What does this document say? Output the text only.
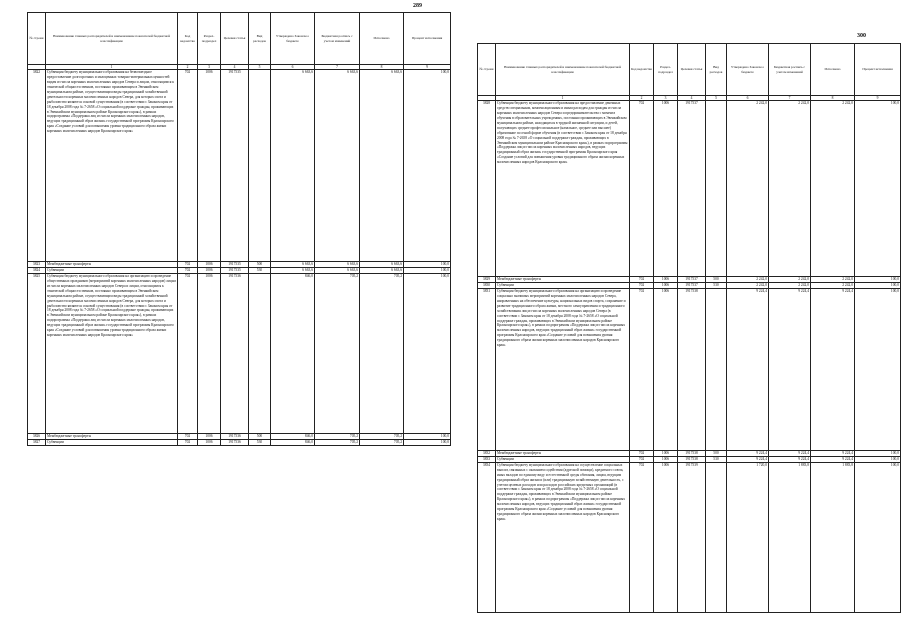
289
№ строки	Наименование главных распорядителей и наименование показателей бюджетной классификации	Код ведомства	Раздел-подраздел	Целевая статья	Вид расходов	Утверждено Законом о бюджете	Бюджетная роспись с учетом изменений	Исполнено	Процент исполнения
	1	2	3	4	5	6	7	8	9
3822	Субвенция бюджету муниципального образования на безвозмездное предоставление долгосрочных и малоценных товарно-материальных ценностей видам из числа коренных малочисленных народов Севера и лицам, относящимся к этнической общности эвенков, постоянно проживающим в Эвенкийском муниципальном районе, осуществляющим виды традиционной хозяйственной деятельности коренных малочисленных народов Севера, для которых охота и рыболовство являются основой существования (в соответствии с Законом края от 18 декабря 2008 года № 7-2658 «О социальной поддержке граждан, проживающих в Эвенкийском муниципальном районе Красноярского края»), в рамках подпрограммы «Поддержка лиц из числа коренных малочисленных народов, ведущих традиционный образ жизни» государственной программы Красноярского края «Создание условий для повышения уровня традиционного образа жизни коренных малочисленных народов Красноярского края»	702	1006	1917535		6 663,6	6 663,6	6 663,6	100,0
3823	Межбюджетные трансферты	702	1006	1917535	500	6 663,6	6 663,6	6 663,6	100,0
3824	Субвенции	702	1006	1917535	530	6 663,6	6 663,6	6 663,6	100,0
3825	Субвенция бюджету муниципального образования на организацию и проведение общественных праздников (мероприятий коренных малочисленных народов) лицам из числа коренных малочисленных народов Севера и лицам, относящимся к этнической общности эвенков, постоянно проживающим в Эвенкийском муниципальном районе, осуществляющим виды традиционной хозяйственной деятельности коренных малочисленных народов Севера, для которых охота и рыболовство являются основой существования (в соответствии с Законом края от 18 декабря 2008 года № 7-2658 «О социальной поддержке граждан, проживающих в Эвенкийском муниципальном районе Красноярского края»), в рамках подпрограммы «Поддержка лиц из числа коренных малочисленных народов, ведущих традиционный образ жизни» государственной программы Красноярского края «Создание условий для повышения уровня традиционного образа жизни коренных малочисленных народов Красноярского края»	702	1006	1917536		846,0	705,2	705,2	100,0
3826	Межбюджетные трансферты	702	1006	1917536	500	846,0	705,2	705,2	100,0
3827	Субвенции	702	1006	1917536	530	846,0	705,2	705,2	100,0
300
№ строки	Наименование главных распорядителей и наименование показателей бюджетной классификации	Код ведомства	Раздел-подраздел	Целевая статья	Вид расходов	Утверждено Законом о бюджете	Бюджетная роспись с учетом изменений	Исполнено	Процент исполнения
	1	2	3	4	5	6	7	8	9
3828	Субвенция бюджету муниципального образования на предоставление денежных средств специальным, компенсационным и иным расходам для граждан из числа коренных малочисленных народов Севера и предпринимательства с момента обучения в образовательных учреждениях, постоянно проживающих в Эвенкийском муниципальном районе, находящихся в трудной жизненной ситуации, и детей, получающих среднее профессиональное (начальное, среднее или высшее) образование по очной форме обучения (в соответствии с Законом края от 18 декабря 2008 года № 7-2658 «О социальной поддержке граждан, проживающих в Эвенкийском муниципальном районе Красноярского края»), в рамках подпрограммы «Поддержка лиц из числа коренных малочисленных народов, ведущих традиционный образ жизни» государственной программы Красноярского края «Создание условий для повышения уровня традиционного образа жизни коренных малочисленных народов Красноярского края»	702	1006	1917537		2 242,0	2 242,0	2 242,0	100,0
3829	Межбюджетные трансферты	702	1006	1917537	500	2 242,0	2 242,0	2 242,0	100,0
3830	Субвенции	702	1006	1917537	530	2 242,0	2 242,0	2 242,0	100,0
3831	Субвенция бюджету муниципального образования на организацию и проведение социально значимых мероприятий коренных малочисленных народов Севера, направленных на обеспечение культуры, национальных видов спорта, сохранение и развитие традиционного образа жизни, местного самоуправления и традиционного хозяйствования лиц из числа коренных малочисленных народов Севера (в соответствии с Законом края от 18 декабря 2008 года № 7-2658 «О социальной поддержке граждан, проживающих в Эвенкийском муниципальном районе Красноярского края»), в рамках подпрограммы «Поддержка лиц из числа коренных малочисленных народов, ведущих традиционный образ жизни» государственной программы Красноярского края «Создание условий для повышения уровня традиционного образа жизни коренных малочисленных народов Красноярского края»	702	1006	1917538		9 224,4	9 224,4	9 224,4	100,0
3832	Межбюджетные трансферты	702	1006	1917538	500	9 224,4	9 224,4	9 224,4	100,0
3833	Субвенции	702	1006	1917538	530	9 224,4	9 224,4	9 224,4	100,0
3834	Субвенция бюджету муниципального образования на осуществление социальных выплат, связанных с оказанием содействия (адресной помощи), кредитного союза, иных вкладов по единому виду и естественной среды обитания, лицам, ведущим традиционный образ жизни и (или) традиционную хозяйственную деятельность, с учетом целевых расходов или расходов российских кредитных организаций (в соответствии с Законом края от 18 декабря 2008 года № 7-2658 «О социальной поддержке граждан, проживающих в Эвенкийском муниципальном районе Красноярского края»), в рамках подпрограммы «Поддержка лиц из числа коренных малочисленных народов, ведущих традиционный образ жизни» государственной программы Красноярского края «Создание условий для повышения уровня традиционного образа жизни коренных малочисленных народов Красноярского края»	702	1006	1917539		1 720,0	1 883,8	1 883,8	100,0
